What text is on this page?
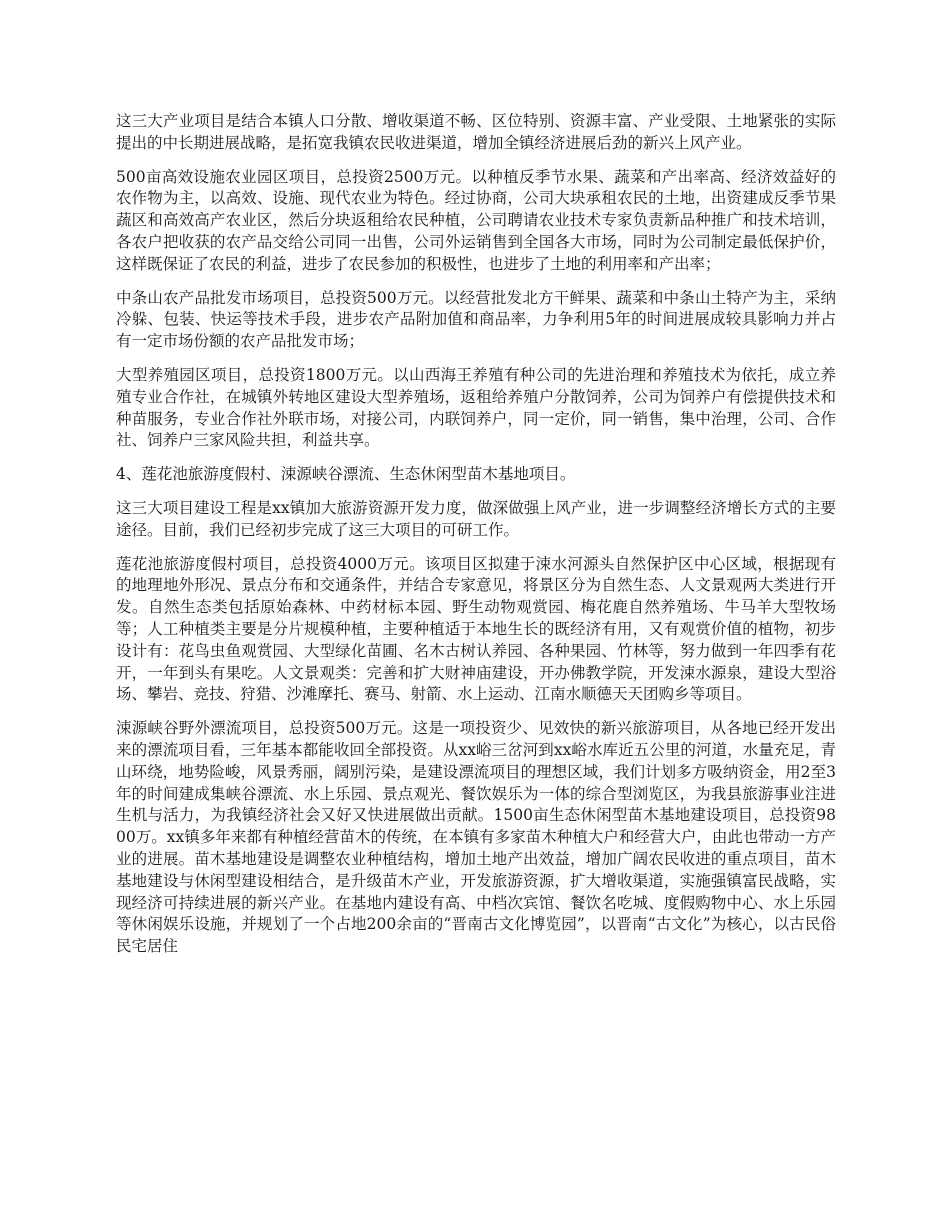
这三大产业项目是结合本镇人口分散、增收渠道不畅、区位特别、资源丰富、产业受限、土地紧张的实际提出的中长期进展战略，是拓宽我镇农民收进渠道，增加全镇经济进展后劲的新兴上风产业。

500亩高效设施农业园区项目，总投资2500万元。以种植反季节水果、蔬菜和产出率高、经济效益好的农作物为主，以高效、设施、现代农业为特色。经过协商，公司大块承租农民的土地，出资建成反季节果蔬区和高效高产农业区，然后分块返租给农民种植，公司聘请农业技术专家负责新品种推广和技术培训，各农户把收获的农产品交给公司同一出售，公司外运销售到全国各大市场，同时为公司制定最低保护价，这样既保证了农民的利益，进步了农民参加的积极性，也进步了土地的利用率和产出率；

中条山农产品批发市场项目，总投资500万元。以经营批发北方干鲜果、蔬菜和中条山土特产为主，采纳冷躲、包装、快运等技术手段，进步农产品附加值和商品率，力争利用5年的时间进展成较具影响力并占有一定市场份额的农产品批发市场；

大型养殖园区项目，总投资1800万元。以山西海王养殖有种公司的先进治理和养殖技术为依托，成立养殖专业合作社，在城镇外转地区建设大型养殖场，返租给养殖户分散饲养，公司为饲养户有偿提供技术和种苗服务，专业合作社外联市场，对接公司，内联饲养户，同一定价，同一销售，集中治理，公司、合作社、饲养户三家风险共担，利益共享。

4、莲花池旅游度假村、涑源峡谷漂流、生态休闲型苗木基地项目。

这三大项目建设工程是xx镇加大旅游资源开发力度，做深做强上风产业，进一步调整经济增长方式的主要途径。目前，我们已经初步完成了这三大项目的可研工作。

莲花池旅游度假村项目，总投资4000万元。该项目区拟建于涑水河源头自然保护区中心区域，根据现有的地理地外形况、景点分布和交通条件，并结合专家意见，将景区分为自然生态、人文景观两大类进行开发。自然生态类包括原始森林、中药材标本园、野生动物观赏园、梅花鹿自然养殖场、牛马羊大型牧场等；人工种植类主要是分片规模种植，主要种植适于本地生长的既经济有用，又有观赏价值的植物，初步设计有：花鸟虫鱼观赏园、大型绿化苗圃、名木古树认养园、各种果园、竹林等，努力做到一年四季有花开，一年到头有果吃。人文景观类：完善和扩大财神庙建设，开办佛教学院，开发涑水源泉，建设大型浴场、攀岩、竞技、狩猎、沙滩摩托、赛马、射箭、水上运动、江南水顺德天天团购乡等项目。

涑源峡谷野外漂流项目，总投资500万元。这是一项投资少、见效快的新兴旅游项目，从各地已经开发出来的漂流项目看，三年基本都能收回全部投资。从xx峪三岔河到xx峪水库近五公里的河道，水量充足，青山环绕，地势险峻，风景秀丽，阔别污染，是建设漂流项目的理想区域，我们计划多方吸纳资金，用2至3年的时间建成集峡谷漂流、水上乐园、景点观光、餐饮娱乐为一体的综合型浏览区，为我县旅游事业注进生机与活力，为我镇经济社会又好又快进展做出贡献。1500亩生态休闲型苗木基地建设项目，总投资9800万。xx镇多年来都有种植经营苗木的传统，在本镇有多家苗木种植大户和经营大户，由此也带动一方产业的进展。苗木基地建设是调整农业种植结构，增加土地产出效益，增加广阔农民收进的重点项目，苗木基地建设与休闲型建设相结合，是升级苗木产业，开发旅游资源，扩大增收渠道，实施强镇富民战略，实现经济可持续进展的新兴产业。在基地内建设有高、中档次宾馆、餐饮名吃城、度假购物中心、水上乐园等休闲娱乐设施，并规划了一个占地200余亩的“晋南古文化博览园”，以晋南“古文化”为核心，以古民俗民宅居住
